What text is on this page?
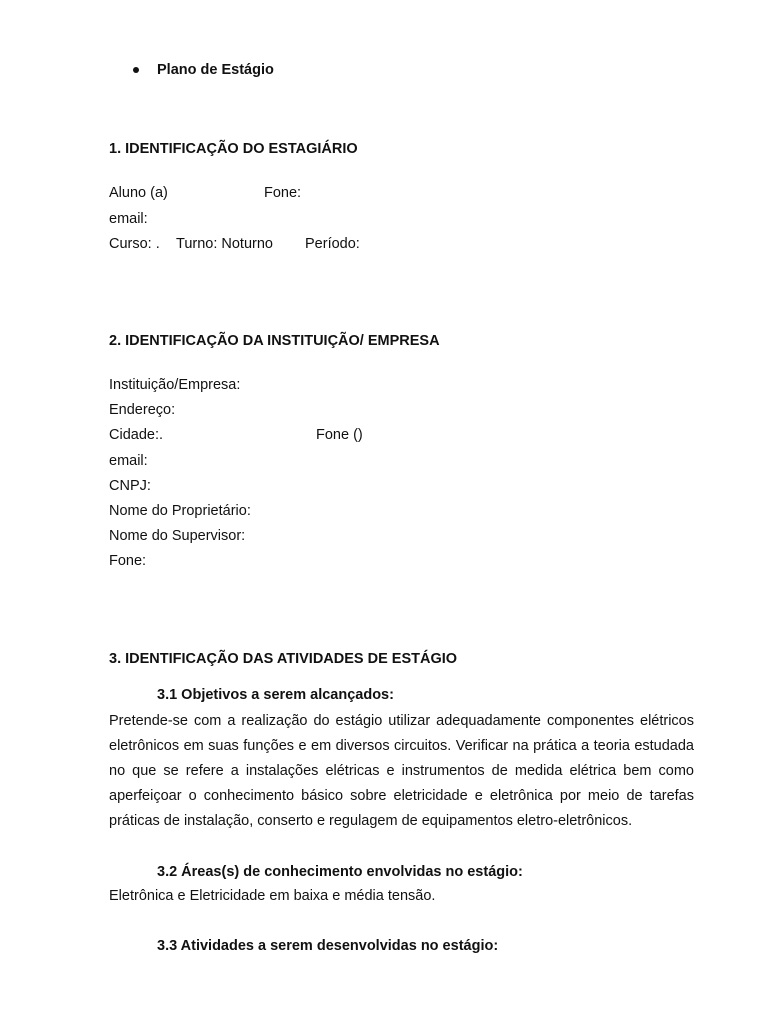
Plano de Estágio
1. IDENTIFICAÇÃO DO ESTAGIÁRIO
Aluno (a)	Fone:
email:
Curso: . Turno: Noturno Período:
2. IDENTIFICAÇÃO DA INSTITUIÇÃO/ EMPRESA
Instituição/Empresa:
Endereço:
Cidade:.	Fone ()
email:
CNPJ:
Nome do Proprietário:
Nome do Supervisor:
Fone:
3. IDENTIFICAÇÃO DAS ATIVIDADES DE ESTÁGIO
3.1 Objetivos a serem alcançados:
Pretende-se com a realização do estágio utilizar adequadamente componentes elétricos eletrônicos em suas funções e em diversos circuitos. Verificar na prática a teoria estudada no que se refere a instalações elétricas e instrumentos de medida elétrica bem como aperfeiçoar o conhecimento básico sobre eletricidade e eletrônica por meio de tarefas práticas de instalação, conserto e regulagem de equipamentos eletro-eletrônicos.
3.2 Áreas(s) de conhecimento envolvidas no estágio:
Eletrônica e Eletricidade em baixa e média tensão.
3.3 Atividades a serem desenvolvidas no estágio:
